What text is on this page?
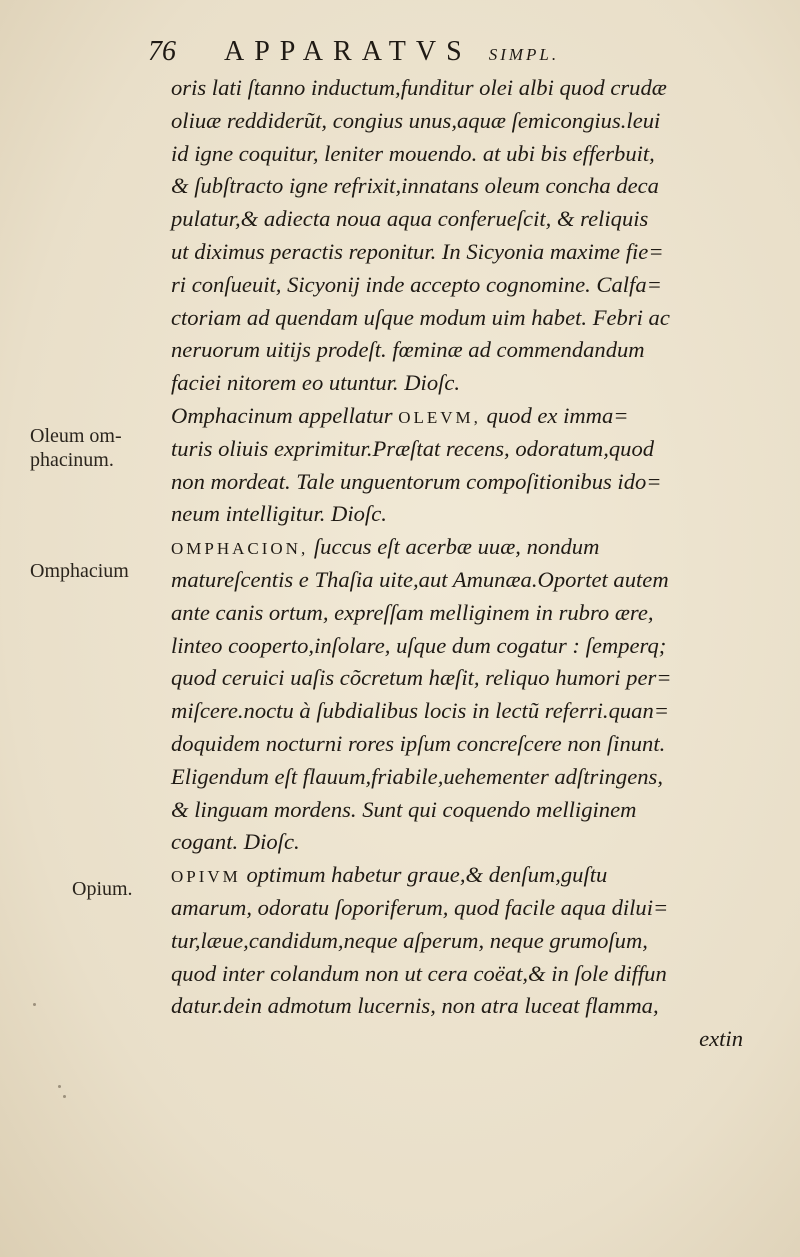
76 APPARATVS SIMPL.
Oleum om-
phacinum.
Omphacium
Opium.
oris lati ſtanno inductum,funditur olei albi quod crudæ
oliuæ reddiderũt, congius unus,aquæ ſemicongius.leui
id igne coquitur, leniter mouendo. at ubi bis efferbuit,
& ſubſtracto igne refrixit,innatans oleum concha deca
pulatur,& adiecta noua aqua conferueſcit, & reliquis
ut diximus peractis reponitur. In Sicyonia maxime fie=
ri conſueuit, Sicyonij inde accepto cognomine. Calfa=
ctoriam ad quendam uſque modum uim habet. Febri ac
neruorum uitijs prodeſt. fœminæ ad commendandum
faciei nitorem eo utuntur. Dioſc.
Omphacinum appellatur OLEVM, quod ex imma=
turis oliuis exprimitur.Præſtat recens, odoratum,quod
non mordeat. Tale unguentorum compoſitionibus ido=
neum intelligitur. Dioſc.
OMPHACION, ſuccus eſt acerbæ uuæ, nondum
matureſcentis e Thaſia uite,aut Amunæa.Oportet autem
ante canis ortum, expreſſam melliginem in rubro ære,
linteo cooperto,inſolare, uſque dum cogatur : ſemperq;
quod ceruici uaſis cõcretum hæſit, reliquo humori per=
miſcere.noctu à ſubdialibus locis in lectũ referri.quan=
doquidem nocturni rores ipſum concreſcere non ſinunt.
Eligendum eſt flauum,friabile,uehementer adſtringens,
& linguam mordens. Sunt qui coquendo melliginem
cogant. Dioſc.
OPIVM optimum habetur graue,& denſum,guſtu
amarum, odoratu ſoporiferum, quod facile aqua dilui=
tur,læue,candidum,neque aſperum, neque grumoſum,
quod inter colandum non ut cera coëat,& in ſole diffun
datur.dein admotum lucernis, non atra luceat flamma,
extin
